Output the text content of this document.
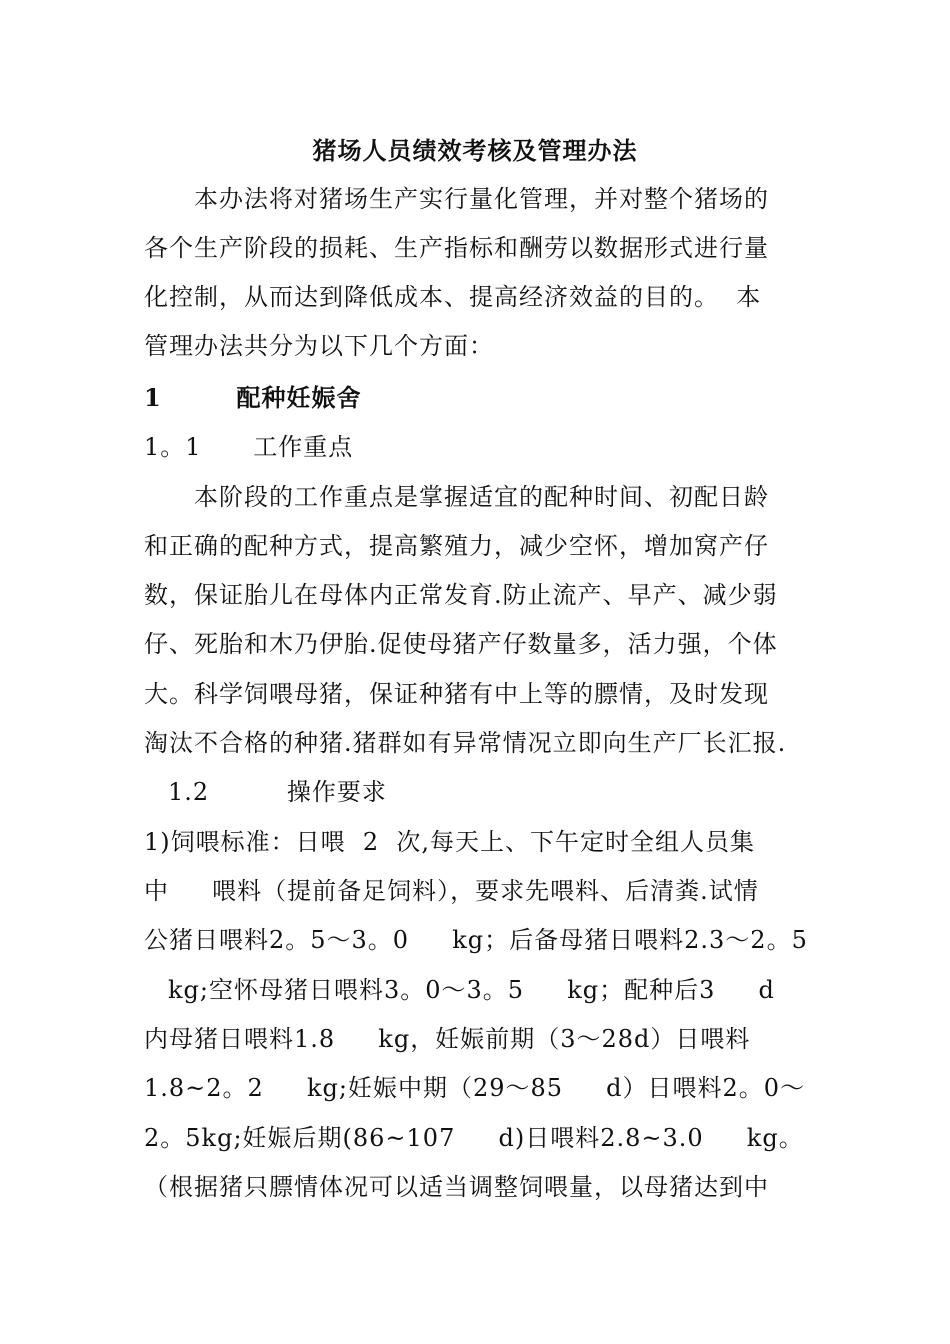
猪场人员绩效考核及管理办法
本办法将对猪场生产实行量化管理，并对整个猪场的
各个生产阶段的损耗、生产指标和酬劳以数据形式进行量
化控制，从而达到降低成本、提高经济效益的目的。  本
管理办法共分为以下几个方面：
1        配种妊娠舍
1。1      工作重点
本阶段的工作重点是掌握适宜的配种时间、初配日龄
和正确的配种方式，提高繁殖力，减少空怀，增加窝产仔
数，保证胎儿在母体内正常发育.防止流产、早产、减少弱
仔、死胎和木乃伊胎.促使母猪产仔数量多，活力强，个体
大。科学饲喂母猪，保证种猪有中上等的膘情，及时发现
淘汰不合格的种猪.猪群如有异常情况立即向生产厂长汇报.
1.2         操作要求
1)饲喂标准：日喂  2  次,每天上、下午定时全组人员集
中     喂料（提前备足饲料），要求先喂料、后清粪.试情
公猪日喂料2。5～3。0     kg；后备母猪日喂料2.3～2。5
kg;空怀母猪日喂料3。0～3。5     kg；配种后3     d
内母猪日喂料1.8     kg，妊娠前期（3～28d）日喂料
1.8~2。2     kg;妊娠中期（29～85     d）日喂料2。0～
2。5kg;妊娠后期(86~107     d)日喂料2.8~3.0     kg。
（根据猪只膘情体况可以适当调整饲喂量，以母猪达到中
